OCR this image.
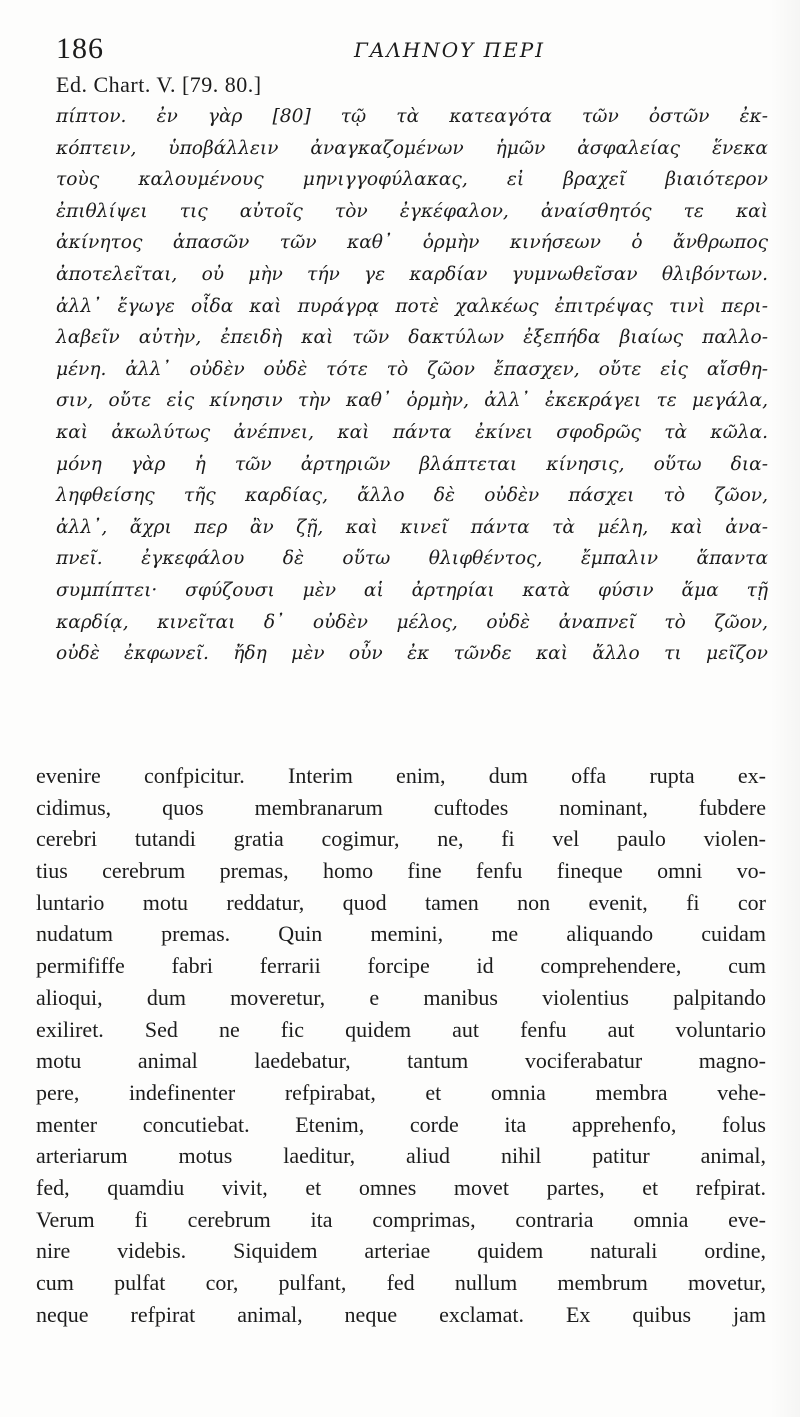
186	ΓΑΛΗΝΟΥ ΠΕΡΙ
Ed. Chart. V. [79. 80.]
πίπτον. ἐν γὰρ [80] τῷ τὰ κατεαγότα τῶν ὀστῶν ἐκ-
κόπτειν, ὑποβάλλειν ἀναγκαζομένων ἡμῶν ἀσφαλείας ἕνεκα
τοὺς καλουμένους μηνιγγοφύλακας, εἰ βραχεῖ βιαιότερον
ἐπιθλίψει τις αὐτοῖς τὸν ἐγκέφαλον, ἀναίσθητός τε καὶ
ἀκίνητος ἁπασῶν τῶν καθ᾽ ὁρμὴν κινήσεων ὁ ἄνθρωπος
ἀποτελεῖται, οὐ μὴν τήν γε καρδίαν γυμνωθεῖσαν θλιβόντων.
ἀλλ᾽ ἔγωγε οἶδα καὶ πυράγρᾳ ποτὲ χαλκέως ἐπιτρέψας τινὶ περι-
λαβεῖν αὐτὴν, ἐπειδὴ καὶ τῶν δακτύλων ἐξεπήδα βιαίως παλλο-
μένη. ἀλλ᾽ οὐδὲν οὐδὲ τότε τὸ ζῶον ἔπασχεν, οὔτε εἰς αἴσθη-
σιν, οὔτε εἰς κίνησιν τὴν καθ᾽ ὁρμὴν, ἀλλ᾽ ἐκεκράγει τε μεγάλα,
καὶ ἀκωλύτως ἀνέπνει, καὶ πάντα ἐκίνει σφοδρῶς τὰ κῶλα.
μόνη γὰρ ἡ τῶν ἀρτηριῶν βλάπτεται κίνησις, οὕτω δια-
ληφθείσης τῆς καρδίας, ἄλλο δὲ οὐδὲν πάσχει τὸ ζῶον,
ἀλλ᾽, ἄχρι περ ἂν ζῇ, καὶ κινεῖ πάντα τὰ μέλη, καὶ ἀνα-
πνεῖ. ἐγκεφάλου δὲ οὕτω θλιφθέντος, ἔμπαλιν ἅπαντα
συμπίπτει· σφύζουσι μὲν αἱ ἀρτηρίαι κατὰ φύσιν ἅμα τῇ
καρδίᾳ, κινεῖται δ᾽ οὐδὲν μέλος, οὐδὲ ἀναπνεῖ τὸ ζῶον,
οὐδὲ ἐκφωνεῖ. ἤδη μὲν οὖν ἐκ τῶνδε καὶ ἄλλο τι μεῖζον
evenire confpicitur. Interim enim, dum offa rupta ex-
cidimus, quos membranarum cuftodes nominant, fubdere
cerebri tutandi gratia cogimur, ne, fi vel paulo violen-
tius cerebrum premas, homo fine fenfu fineque omni vo-
luntario motu reddatur, quod tamen non evenit, fi cor
nudatum premas. Quin memini, me aliquando cuidam
permififfe fabri ferrarii forcipe id comprehendere, cum
alioqui, dum moveretur, e manibus violentius palpitando
exiliret. Sed ne fic quidem aut fenfu aut voluntario
motu animal laedebatur, tantum vociferabatur magno-
pere, indefinenter refpirabat, et omnia membra vehe-
menter concutiebat. Etenim, corde ita apprehenfo, folus
arteriarum motus laeditur, aliud nihil patitur animal,
fed, quamdiu vivit, et omnes movet partes, et refpirat.
Verum fi cerebrum ita comprimas, contraria omnia eve-
nire videbis. Siquidem arteriae quidem naturali ordine,
cum pulfat cor, pulfant, fed nullum membrum movetur,
neque refpirat animal, neque exclamat. Ex quibus jam
